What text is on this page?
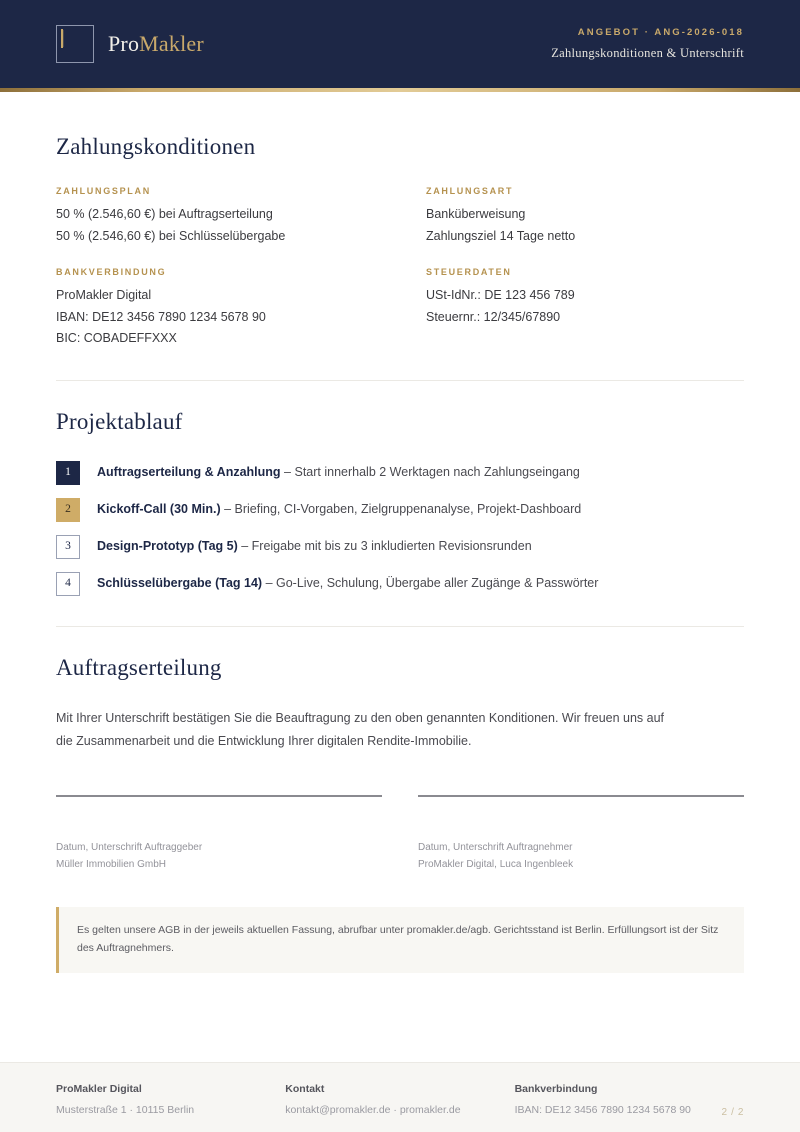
ProMakler	ANGEBOT · ANG-2026-018
Zahlungskonditionen & Unterschrift
Zahlungskonditionen
ZAHLUNGSPLAN
50 % (2.546,60 €) bei Auftragserteilung
50 % (2.546,60 €) bei Schlüsselübergabe
BANKVERBINDUNG
ProMakler Digital
IBAN: DE12 3456 7890 1234 5678 90
BIC: COBADEFFXXX
ZAHLUNGSART
Banküberweisung
Zahlungsziel 14 Tage netto
STEUERDATEN
USt-IdNr.: DE 123 456 789
Steuernr.: 12/345/67890
Projektablauf
1	Auftragserteilung & Anzahlung – Start innerhalb 2 Werktagen nach Zahlungseingang
2	Kickoff-Call (30 Min.) – Briefing, CI-Vorgaben, Zielgruppenanalyse, Projekt-Dashboard
3	Design-Prototyp (Tag 5) – Freigabe mit bis zu 3 inkludierten Revisionsrunden
4	Schlüsselübergabe (Tag 14) – Go-Live, Schulung, Übergabe aller Zugänge & Passwörter
Auftragserteilung

Mit Ihrer Unterschrift bestätigen Sie die Beauftragung zu den oben genannten Konditionen. Wir freuen uns auf die Zusammenarbeit und die Entwicklung Ihrer digitalen Rendite-Immobilie.

Datum, Unterschrift Auftraggeber
Müller Immobilien GmbH
Datum, Unterschrift Auftragnehmer
ProMakler Digital, Luca Ingenbleek
Es gelten unsere AGB in der jeweils aktuellen Fassung, abrufbar unter promakler.de/agb. Gerichtsstand ist Berlin. Erfüllungsort ist der Sitz des Auftragnehmers.
ProMakler Digital
Musterstraße 1 · 10115 Berlin
Kontakt
kontakt@promakler.de · promakler.de
Bankverbindung
IBAN: DE12 3456 7890 1234 5678 90	2 / 2
